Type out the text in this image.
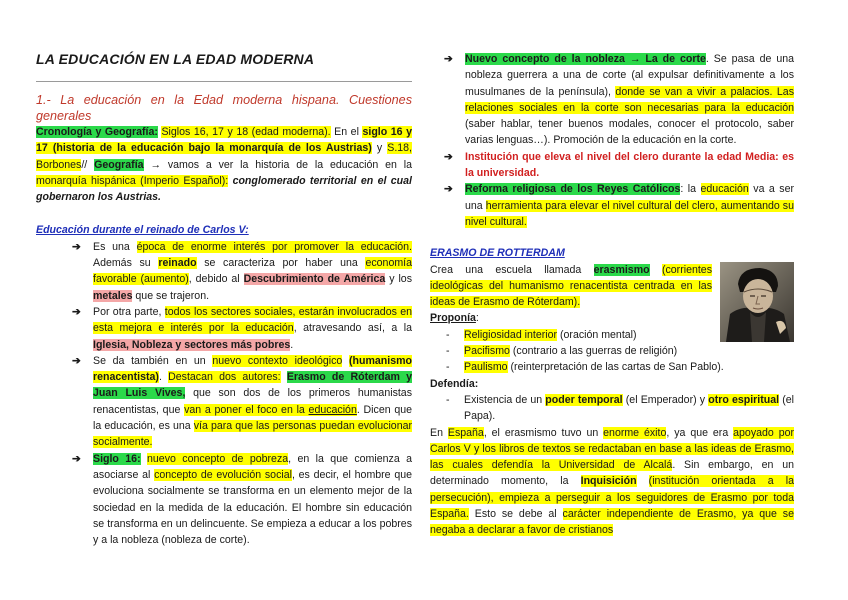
LA EDUCACIÓN EN LA EDAD MODERNA

1.- La educación en la Edad moderna hispana. Cuestiones generales

Cronología y Geografía: Siglos 16, 17 y 18 (edad moderna). En el siglo 16 y 17 (historia de la educación bajo la monarquía de los Austrias) y S.18, Borbones// Geografía → vamos a ver la historia de la educación en la monarquía hispánica (Imperio Español): conglomerado territorial en el cual gobernaron los Austrias.

Educación durante el reinado de Carlos V:

➔ Es una época de enorme interés por promover la educación. Además su reinado se caracteriza por haber una economía favorable (aumento), debido al Descubrimiento de América y los metales que se trajeron.
➔ Por otra parte, todos los sectores sociales, estarán involucrados en esta mejora e interés por la educación, atravesando así, a la Iglesia, Nobleza y sectores más pobres.
➔ Se da también en un nuevo contexto ideológico (humanismo renacentista). Destacan dos autores: Erasmo de Róterdam y Juan Luis Vives, que son dos de los primeros humanistas renacentistas, que van a poner el foco en la educación. Dicen que la educación, es una vía para que las personas puedan evolucionar socialmente.
➔ Siglo 16: nuevo concepto de pobreza, en la que comienza a asociarse al concepto de evolución social, es decir, el hombre que evoluciona socialmente se transforma en un elemento mejor de la sociedad en la medida de la educación. El hombre sin educación se transforma en un delincuente. Se empieza a educar a los pobres y a la nobleza (nobleza de corte).
➔ Nuevo concepto de la nobleza → La de corte. Se pasa de una nobleza guerrera a una de corte (al expulsar definitivamente a los musulmanes de la península), donde se van a vivir a palacios. Las relaciones sociales en la corte son necesarias para la educación (saber hablar, tener buenos modales, conocer el protocolo, saber varias lenguas…). Promoción de la educación en la corte.
➔ Institución que eleva el nivel del clero durante la edad Media: es la universidad.
➔ Reforma religiosa de los Reyes Católicos: la educación va a ser una herramienta para elevar el nivel cultural del clero, aumentando su nivel cultural.

ERASMO DE ROTTERDAM

Crea una escuela llamada erasmismo (corrientes ideológicas del humanismo renacentista centrada en las ideas de Erasmo de Róterdam).

Proponía:

- Religiosidad interior (oración mental)
- Pacifismo (contrario a las guerras de religión)
- Paulismo (reinterpretación de las cartas de San Pablo).

Defendía:

- Existencia de un poder temporal (el Emperador) y otro espiritual (el Papa).

En España, el erasmismo tuvo un enorme éxito, ya que era apoyado por Carlos V y los libros de textos se redactaban en base a las ideas de Erasmo, las cuales defendía la Universidad de Alcalá. Sin embargo, en un determinado momento, la Inquisición (institución orientada a la persecución), empieza a perseguir a los seguidores de Erasmo por toda España. Esto se debe al carácter independiente de Erasmo, ya que se negaba a declarar a favor de cristianos
